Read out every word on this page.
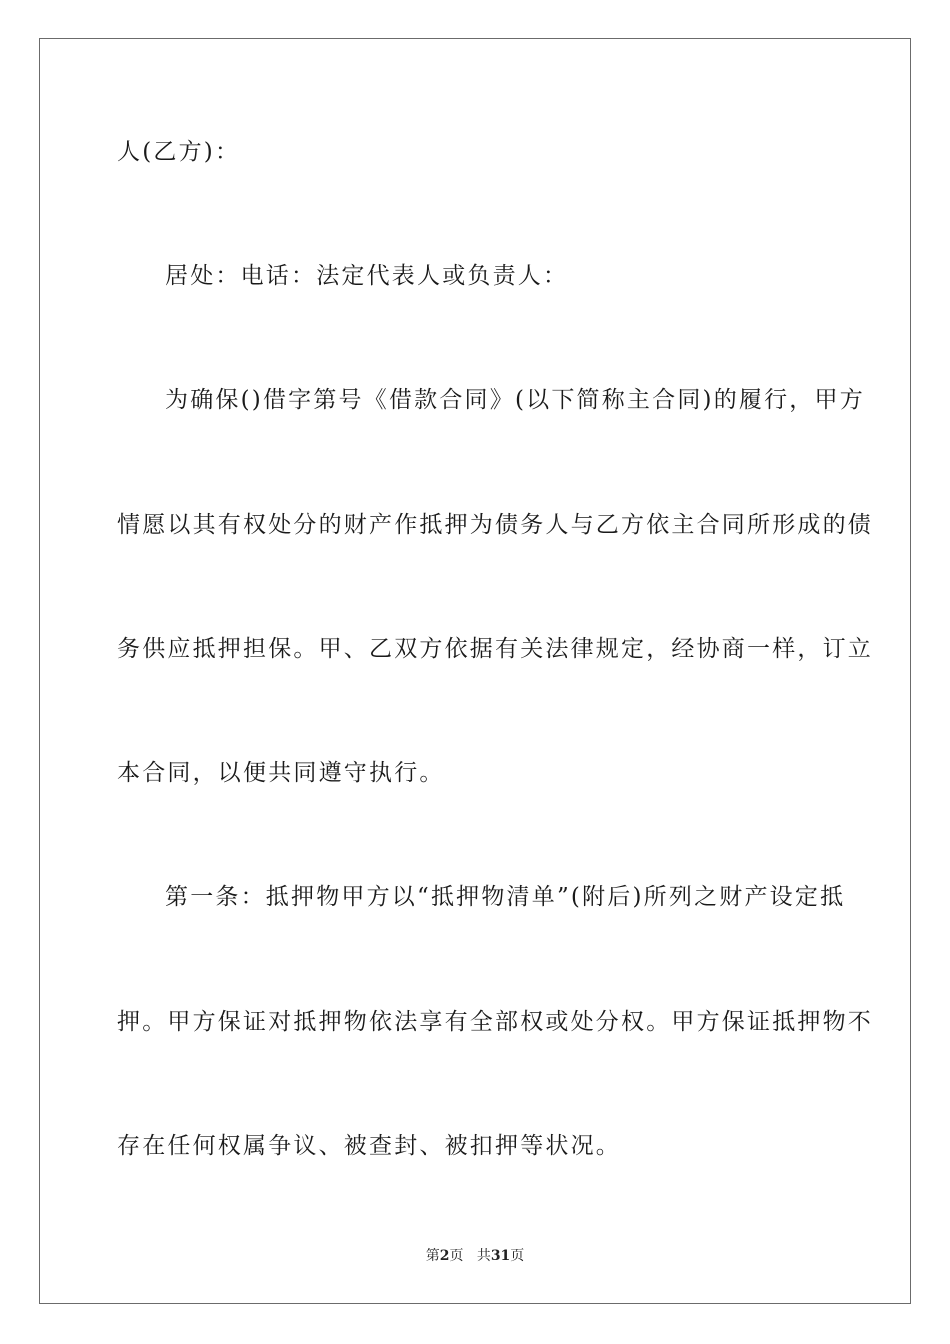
人(乙方)：
居处：电话：法定代表人或负责人：
为确保()借字第号《借款合同》(以下简称主合同)的履行，甲方
情愿以其有权处分的财产作抵押为债务人与乙方依主合同所形成的债
务供应抵押担保。甲、乙双方依据有关法律规定，经协商一样，订立
本合同，以便共同遵守执行。
第一条：抵押物甲方以“抵押物清单”(附后)所列之财产设定抵
押。甲方保证对抵押物依法享有全部权或处分权。甲方保证抵押物不
存在任何权属争议、被查封、被扣押等状况。
第2页 共31页
